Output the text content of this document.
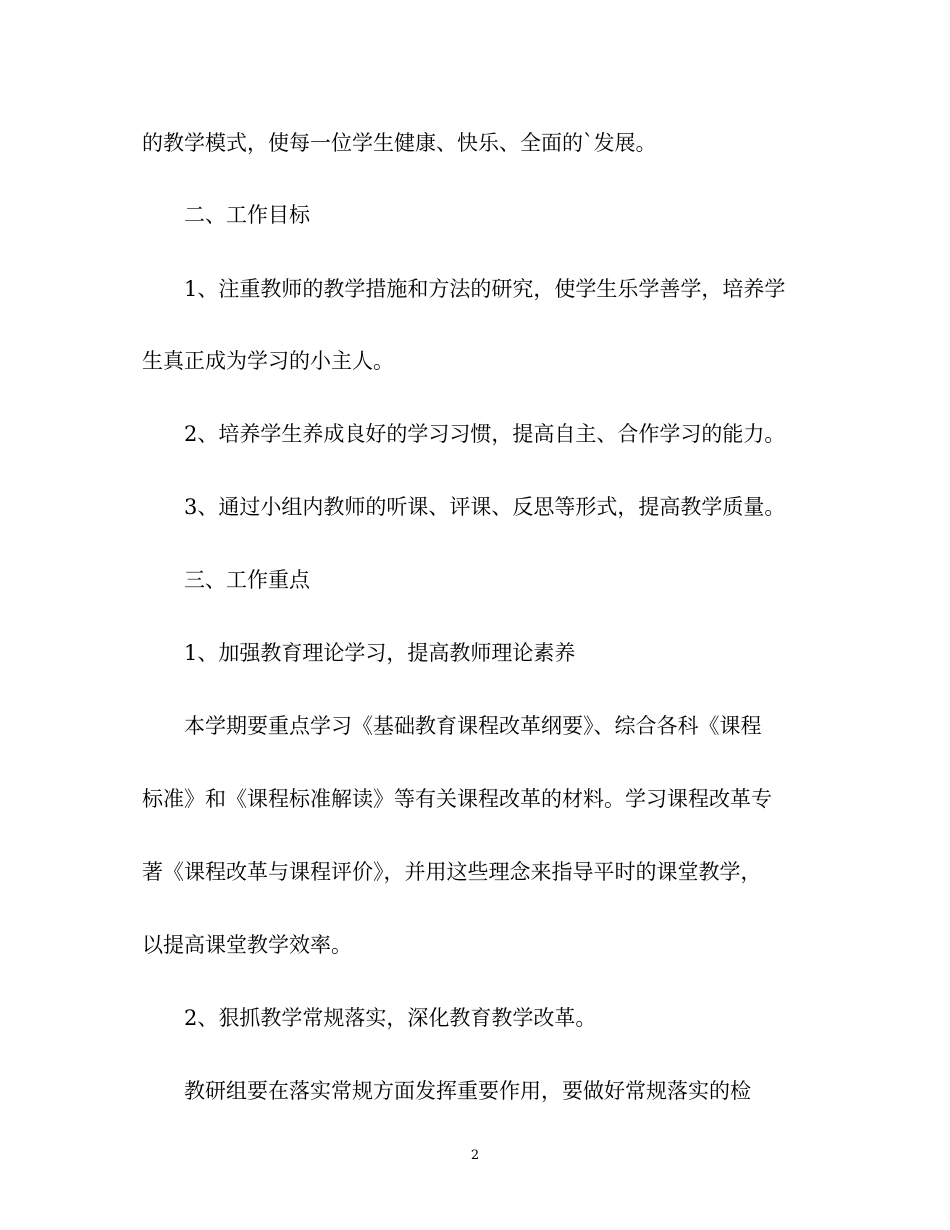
的教学模式，使每一位学生健康、快乐、全面的`发展。
二、工作目标
1、注重教师的教学措施和方法的研究，使学生乐学善学，培养学
生真正成为学习的小主人。
2、培养学生养成良好的学习习惯，提高自主、合作学习的能力。
3、通过小组内教师的听课、评课、反思等形式，提高教学质量。
三、工作重点
1、加强教育理论学习，提高教师理论素养
本学期要重点学习《基础教育课程改革纲要》、综合各科《课程
标准》和《课程标准解读》等有关课程改革的材料。学习课程改革专
著《课程改革与课程评价》，并用这些理念来指导平时的课堂教学，
以提高课堂教学效率。
2、狠抓教学常规落实，深化教育教学改革。
教研组要在落实常规方面发挥重要作用，要做好常规落实的检
2
